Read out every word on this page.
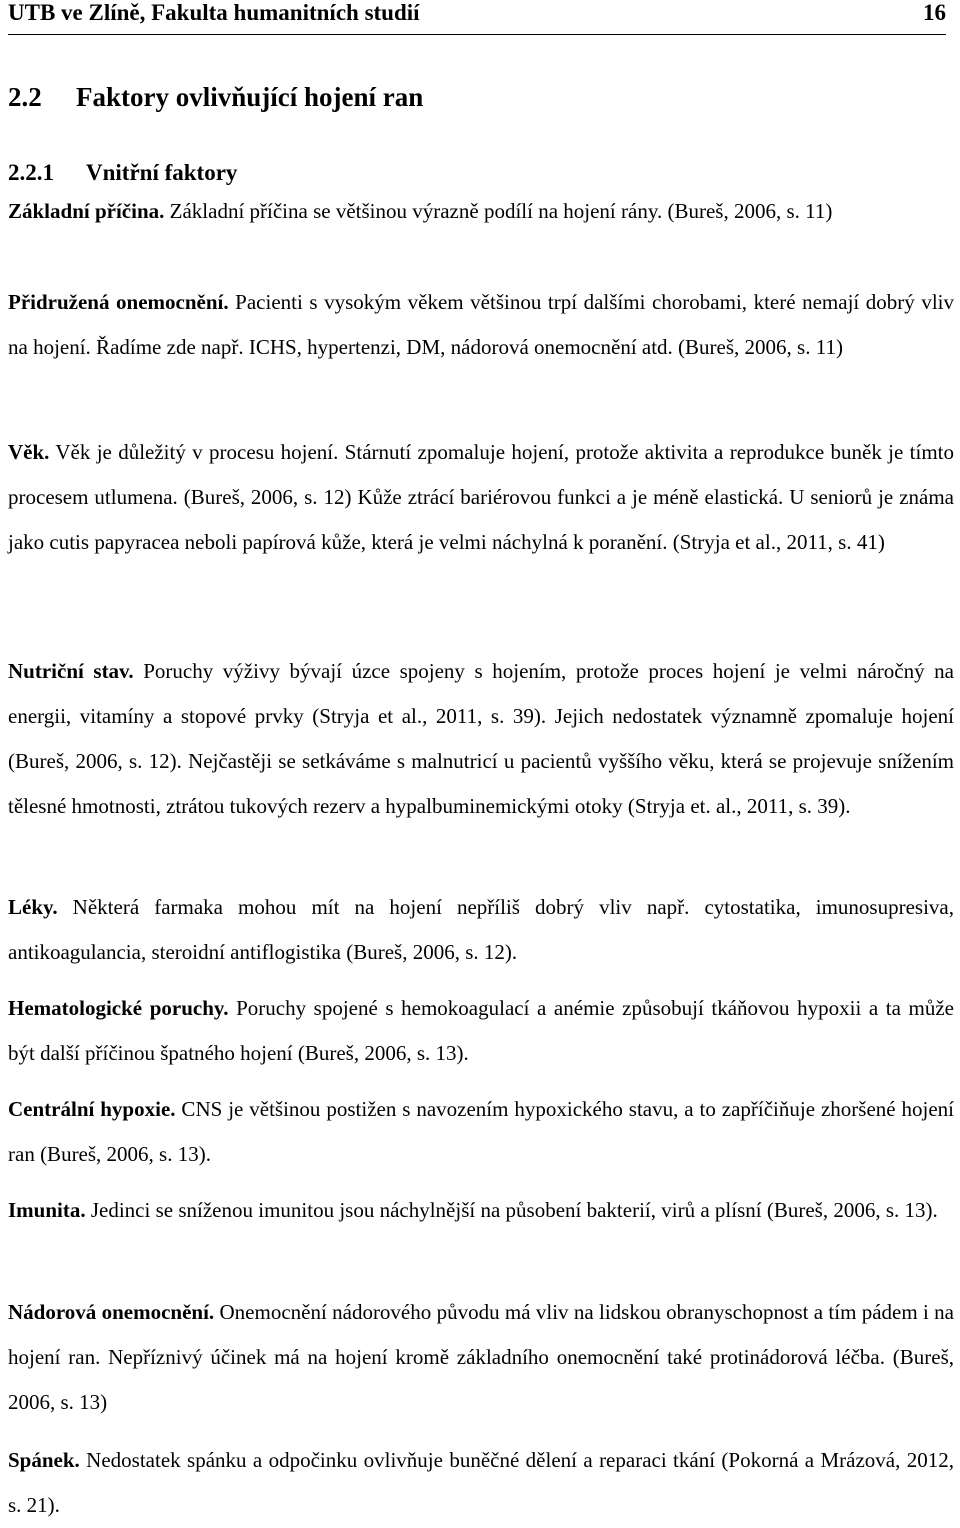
UTB ve Zlíně, Fakulta humanitních studií	16
2.2 Faktory ovlivňující hojení ran
2.2.1 Vnitřní faktory

Základní příčina. Základní příčina se většinou výrazně podílí na hojení rány. (Bureš, 2006, s. 11)

Přidružená onemocnění. Pacienti s vysokým věkem většinou trpí dalšími chorobami, které nemají dobrý vliv na hojení. Řadíme zde např. ICHS, hypertenzi, DM, nádorová onemocnění atd. (Bureš, 2006, s. 11)

Věk. Věk je důležitý v procesu hojení. Stárnutí zpomaluje hojení, protože aktivita a reprodukce buněk je tímto procesem utlumena. (Bureš, 2006, s. 12) Kůže ztrácí bariérovou funkci a je méně elastická. U seniorů je známa jako cutis papyracea neboli papírová kůže, která je velmi náchylná k poranění. (Stryja et al., 2011, s. 41)

Nutriční stav. Poruchy výživy bývají úzce spojeny s hojením, protože proces hojení je velmi náročný na energii, vitamíny a stopové prvky (Stryja et al., 2011, s. 39). Jejich nedostatek významně zpomaluje hojení (Bureš, 2006, s. 12). Nejčastěji se setkáváme s malnutricí u pacientů vyššího věku, která se projevuje snížením tělesné hmotnosti, ztrátou tukových rezerv a hypalbuminemickými otoky (Stryja et. al., 2011, s. 39).

Léky. Některá farmaka mohou mít na hojení nepříliš dobrý vliv např. cytostatika, imunosupresiva, antikoagulancia, steroidní antiflogistika (Bureš, 2006, s. 12).

Hematologické poruchy. Poruchy spojené s hemokoagulací a anémie způsobují tkáňovou hypoxii a ta může být další příčinou špatného hojení (Bureš, 2006, s. 13).

Centrální hypoxie. CNS je většinou postižen s navozením hypoxického stavu, a to zapříčiňuje zhoršené hojení ran (Bureš, 2006, s. 13).

Imunita. Jedinci se sníženou imunitou jsou náchylnější na působení bakterií, virů a plísní (Bureš, 2006, s. 13).

Nádorová onemocnění. Onemocnění nádorového původu má vliv na lidskou obranyschopnost a tím pádem i na hojení ran. Nepříznivý účinek má na hojení kromě základního onemocnění také protinádorová léčba. (Bureš, 2006, s. 13)

Spánek. Nedostatek spánku a odpočinku ovlivňuje buněčné dělení a reparaci tkání (Pokorná a Mrázová, 2012, s. 21).
